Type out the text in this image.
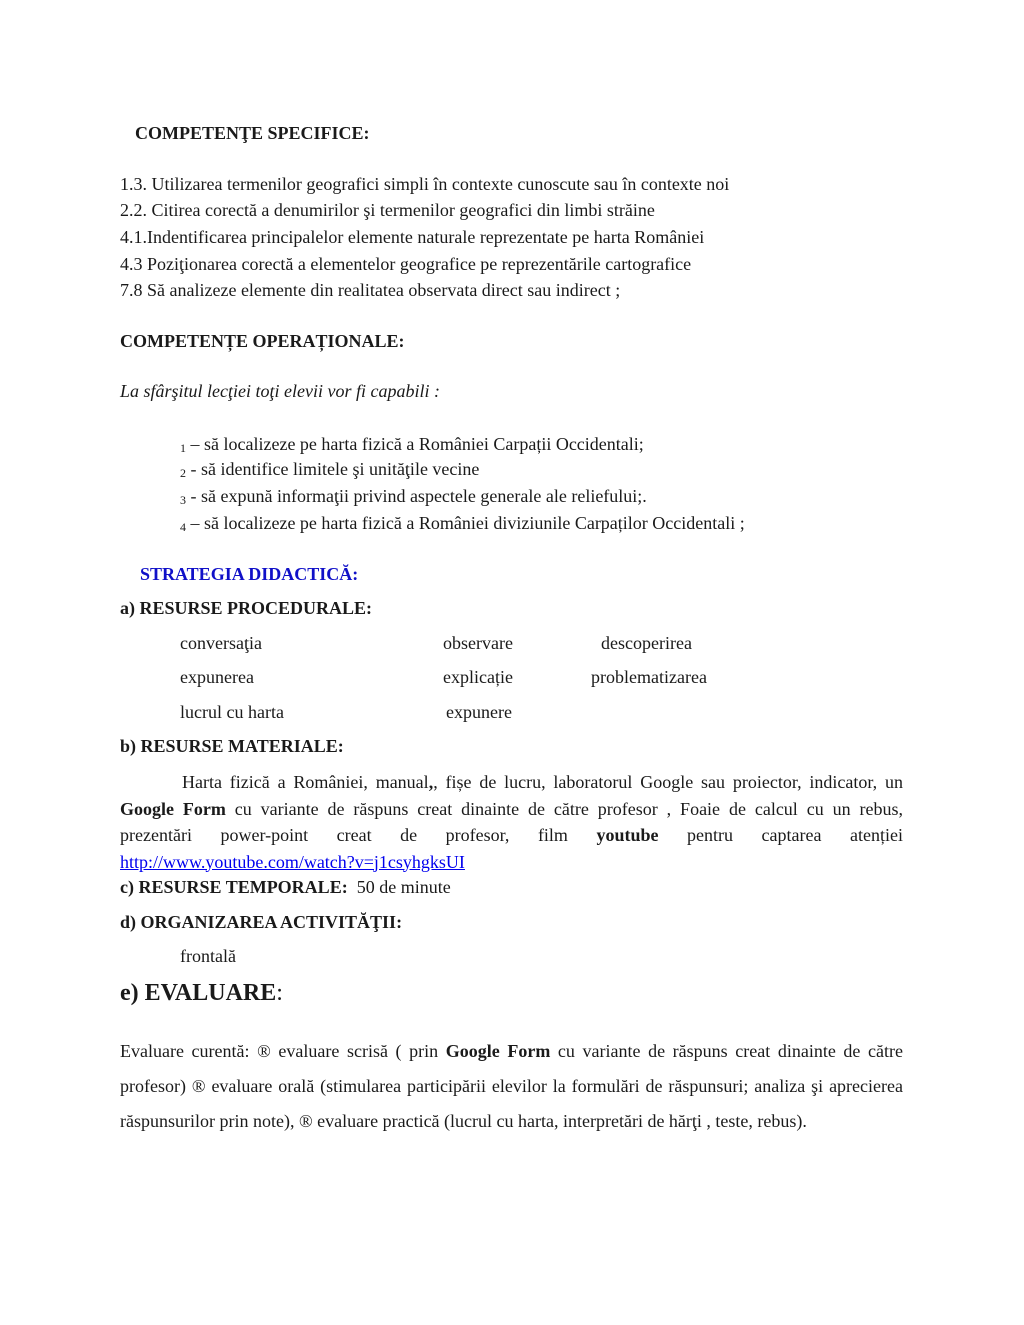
COMPETENŢE SPECIFICE:
1.3. Utilizarea termenilor geografici simpli în contexte cunoscute sau în contexte noi
2.2. Citirea corectă a denumirilor şi termenilor geografici din limbi străine
4.1.Indentificarea principalelor elemente naturale reprezentate pe harta României
4.3 Poziţionarea corectă a elementelor geografice pe reprezentările cartografice
7.8 Să analizeze elemente din realitatea observata direct sau indirect ;
COMPETENȚE OPERAȚIONALE:
La sfârşitul lecţiei toţi elevii vor fi capabili :
1 – să localizeze pe harta fizică a României Carpații Occidentali;
2 - să identifice limitele şi unităţile vecine
3 - să expună informaţii privind aspectele generale ale reliefului;.
4 – să localizeze pe harta fizică a României diviziunile Carpaților Occidentali ;
STRATEGIA DIDACTICĂ:
a) RESURSE PROCEDURALE:
conversaţia	observare	descoperirea
expunerea	explicație	problematizarea
lucrul cu harta	expunere
b) RESURSE MATERIALE:
Harta fizică a României, manual,, fișe de lucru, laboratorul Google sau proiector, indicator, un Google Form cu variante de răspuns creat dinainte de către profesor , Foaie de calcul cu un rebus, prezentări power-point creat de profesor, film youtube pentru captarea atenției http://www.youtube.com/watch?v=j1csyhgksUI
c) RESURSE TEMPORALE: 50 de minute
d) ORGANIZAREA ACTIVITĂŢII:
frontală
e) EVALUARE:
Evaluare curentă: ® evaluare scrisă ( prin Google Form cu variante de răspuns creat dinainte de către profesor) ® evaluare orală (stimularea participării elevilor la formulări de răspunsuri; analiza şi aprecierea răspunsurilor prin note), ® evaluare practică (lucrul cu harta, interpretări de hărţi , teste, rebus).
